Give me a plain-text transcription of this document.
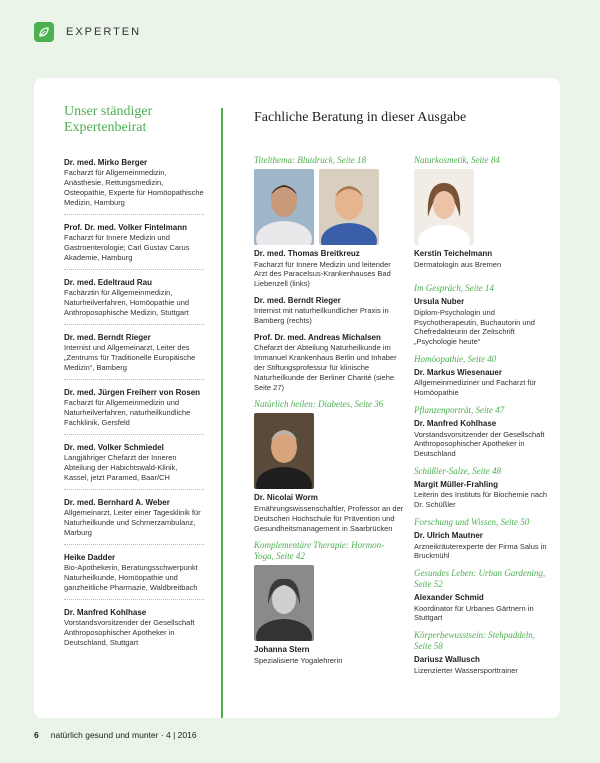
EXPERTEN
Unser ständiger Expertenbeirat
Dr. med. Mirko Berger
Facharzt für Allgemeinmedizin, Anästhesie, Rettungsmedizin, Osteopathie, Experte für Homöopathische Medizin, Hamburg
Prof. Dr. med. Volker Fintelmann
Facharzt für Innere Medizin und Gastroenterologie; Carl Gustav Carus Akademie, Hamburg
Dr. med. Edeltraud Rau
Fachärztin für Allgemeinmedizin, Naturheilverfahren, Homöopathie und Anthroposophische Medizin, Stuttgart
Dr. med. Berndt Rieger
Internist und Allgemeinarzt, Leiter des „Zentrums für Traditionelle Europäische Medizin“, Bamberg
Dr. med. Jürgen Freiherr von Rosen
Facharzt für Allgemeinmedizin und Naturheilverfahren, naturheilkundliche Fachklinik, Gersfeld
Dr. med. Volker Schmiedel
Langjähriger Chefarzt der Inneren Abteilung der Habichtswald-Klinik, Kassel, jetzt Paramed, Baar/CH
Dr. med. Bernhard A. Weber
Allgemeinarzt, Leiter einer Tagesklinik für Naturheilkunde und Schmerzambulanz, Marburg
Heike Dadder
Bio-Apothekerin, Beratungsschwerpunkt Naturheilkunde, Homöopathie und ganzheitliche Pharmazie, Waldbreitbach
Dr. Manfred Kohlhase
Vorstandsvorsitzender der Gesellschaft Anthroposophischer Apotheker in Deutschland, Stuttgart
Fachliche Beratung in dieser Ausgabe
Titelthema: Blutdruck, Seite 18
Dr. med. Thomas Breitkreuz
Facharzt für Innere Medizin und leitender Arzt des Paracelsus-Krankenhauses Bad Liebenzell (links)
Dr. med. Berndt Rieger
Internist mit naturheilkundlicher Praxis in Bamberg (rechts)
Prof. Dr. med. Andreas Michalsen
Chefarzt der Abteilung Naturheilkunde im Immanuel Krankenhaus Berlin und Inhaber der Stiftungsprofessur für klinische Naturheilkunde der Berliner Charité (siehe Seite 27)
Natürlich heilen: Diabetes, Seite 36
Dr. Nicolai Worm
Ernährungswissenschaftler, Professor an der Deutschen Hochschule für Prävention und Gesundheitsmanagement in Saarbrücken
Komplementäre Therapie: Hormon-Yoga, Seite 42
Johanna Stern
Spezialisierte Yogalehrerin
Naturkosmetik, Seite 84
Kerstin Teichelmann
Dermatologin aus Bremen
Im Gespräch, Seite 14
Ursula Nuber
Diplom-Psychologin und Psychotherapeutin, Buchautorin und Chefredakteurin der Zeitschrift „Psychologie heute“
Homöopathie, Seite 40
Dr. Markus Wiesenauer
Allgemeinmediziner und Facharzt für Homöopathie
Pflanzenporträt, Seite 47
Dr. Manfred Kohlhase
Vorstandsvorsitzender der Gesellschaft Anthroposophischer Apotheker in Deutschland
Schüßler-Salze, Seite 48
Margit Müller-Frahling
Leiterin des Instituts für Biochemie nach Dr. Schüßler
Forschung und Wissen, Seite 50
Dr. Ulrich Mautner
Arzneikräuterexperte der Firma Salus in Bruckmühl
Gesundes Leben: Urban Gardening, Seite 52
Alexander Schmid
Koordinator für Urbanes Gärtnern in Stuttgart
Körperbewusstsein: Stehpaddeln, Seite 58
Dariusz Wallusch
Lizenzierter Wassersporttrainer
6 natürlich gesund und munter · 4 | 2016
